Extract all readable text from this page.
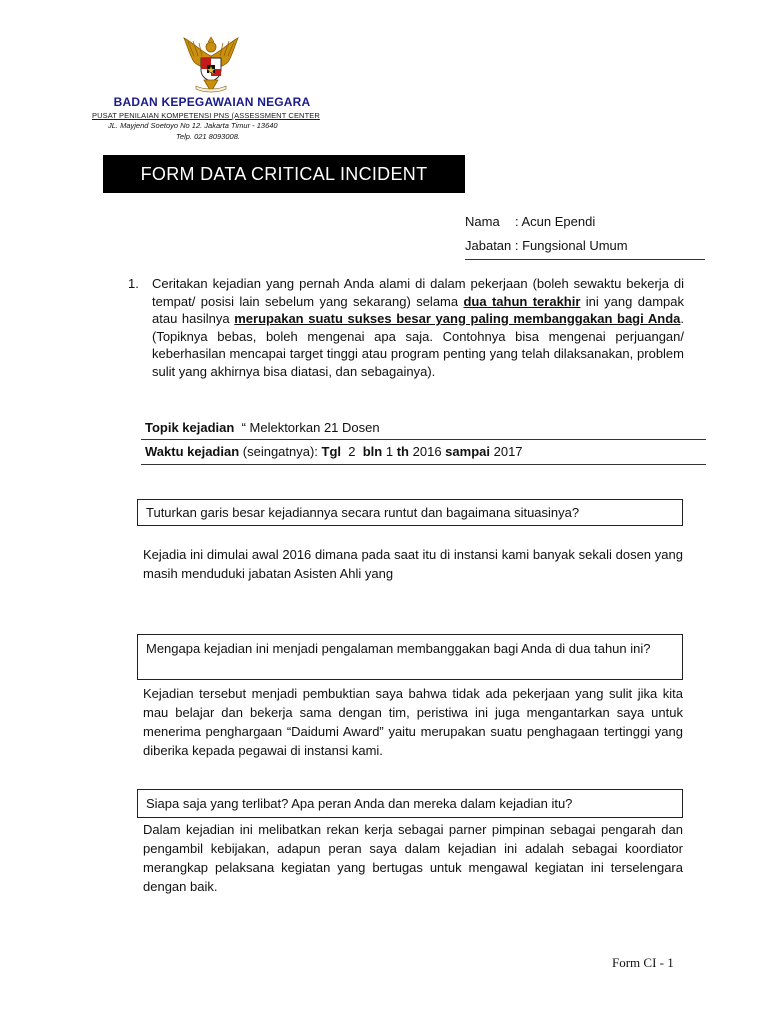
BADAN KEPEGAWAIAN NEGARA
PUSAT PENILAIAN KOMPETENSI PNS (ASSESSMENT CENTER
JL. Mayjend Soetoyo No 12. Jakarta Timur - 13640
Telp. 021 8093008.
FORM DATA CRITICAL INCIDENT
Nama : Acun Ependi
Jabatan : Fungsional Umum
1. Ceritakan kejadian yang pernah Anda alami di dalam pekerjaan (boleh sewaktu bekerja di tempat/ posisi lain sebelum yang sekarang) selama dua tahun terakhir ini yang dampak atau hasilnya merupakan suatu sukses besar yang paling membanggakan bagi Anda. (Topiknya bebas, boleh mengenai apa saja. Contohnya bisa mengenai perjuangan/ keberhasilan mencapai target tinggi atau program penting yang telah dilaksanakan, problem sulit yang akhirnya bisa diatasi, dan sebagainya).
Topik kejadian “ Melektorkan 21 Dosen
Waktu kejadian (seingatnya): Tgl 2 bln 1 th 2016 sampai 2017
Tuturkan garis besar kejadiannya secara runtut dan bagaimana situasinya?
Kejadia ini dimulai awal 2016 dimana pada saat itu di instansi kami banyak sekali dosen yang masih menduduki jabatan Asisten Ahli yang
Mengapa kejadian ini menjadi pengalaman membanggakan bagi Anda di dua tahun ini?
Kejadian tersebut menjadi pembuktian saya bahwa tidak ada pekerjaan yang sulit jika kita mau belajar dan bekerja sama dengan tim, peristiwa ini juga mengantarkan saya untuk menerima penghargaan “Daidumi Award” yaitu merupakan suatu penghagaan tertinggi yang diberika kepada pegawai di instansi kami.
Siapa saja yang terlibat? Apa peran Anda dan mereka dalam kejadian itu?
Dalam kejadian ini melibatkan rekan kerja sebagai parner pimpinan sebagai pengarah dan pengambil kebijakan, adapun peran saya dalam kejadian ini adalah sebagai koordiator merangkap pelaksana kegiatan yang bertugas untuk mengawal kegiatan ini terselengara dengan baik.
Form CI - 1
